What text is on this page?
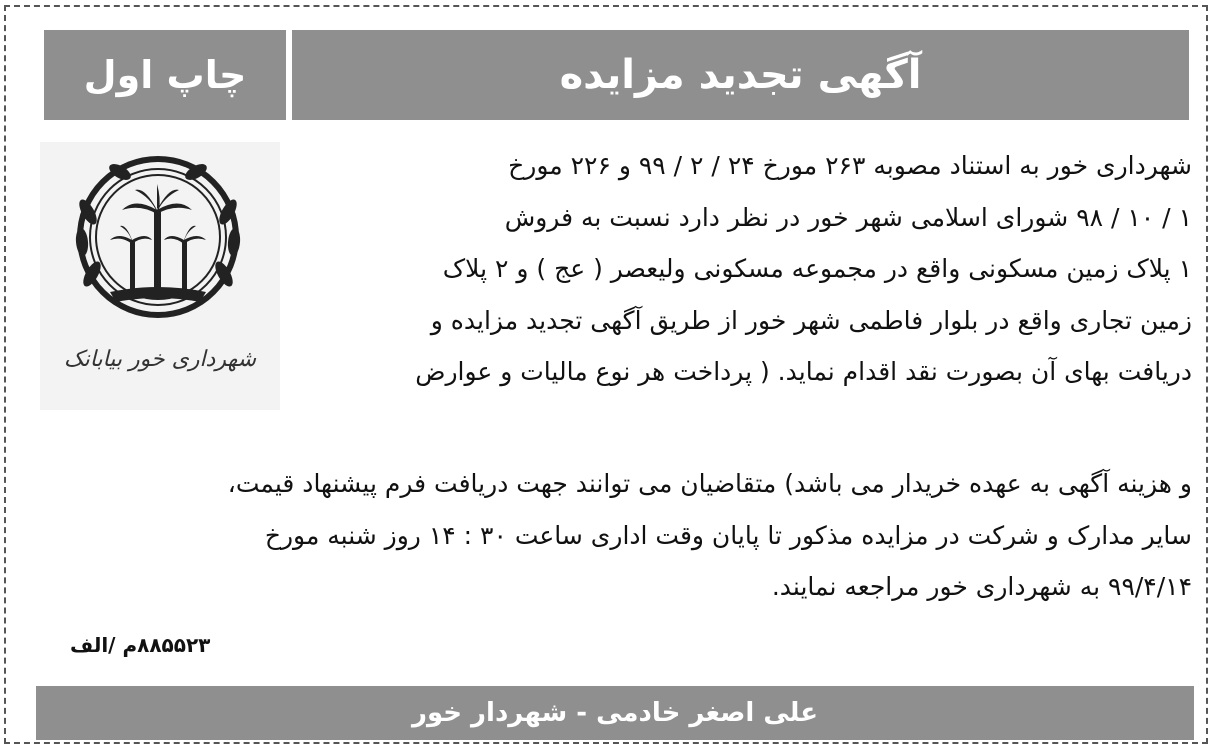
آگهی تجدید مزایده
چاپ اول
شهرداری خور بیابانک
شهرداری خور به استناد مصوبه ۲۶۳ مورخ ۲۴ / ۲ / ۹۹ و ۲۲۶ مورخ
۱ / ۱۰ / ۹۸ شورای اسلامی شهر خور در نظر دارد نسبت به فروش
۱ پلاک زمین مسکونی واقع در مجموعه مسکونی ولیعصر ( عج ) و ۲ پلاک
زمین تجاری واقع در بلوار فاطمی شهر خور از طریق آگهی تجدید مزایده و
دریافت بهای آن بصورت نقد اقدام نماید. ( پرداخت هر نوع مالیات و عوارض
و هزینه آگهی به عهده خریدار می باشد) متقاضیان می توانند جهت دریافت فرم پیشنهاد قیمت،
سایر مدارک و شرکت در مزایده مذکور تا پایان وقت اداری ساعت ۳۰ : ۱۴ روز شنبه مورخ
۹۹/۴/۱۴ به شهرداری خور مراجعه نمایند.
۸۸۵۵۲۳م /الف
علی اصغر خادمی - شهردار خور
